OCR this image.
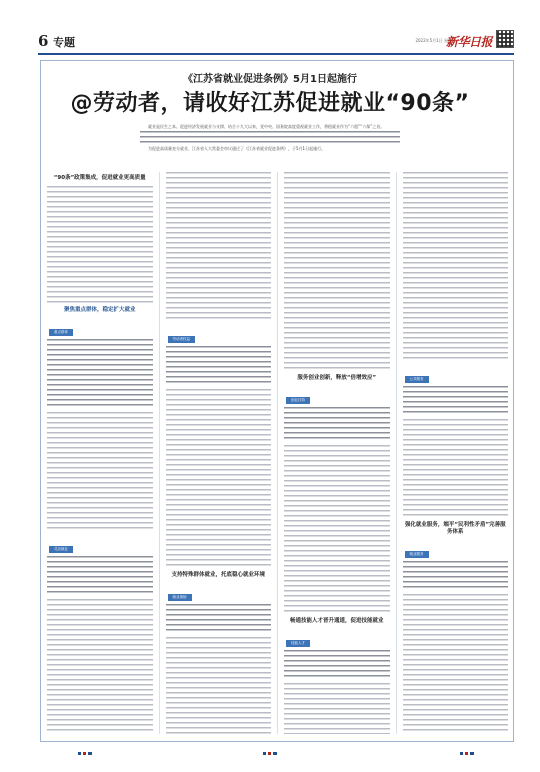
6 专题	2022年5月1日 星期日
新华日报
《江苏省就业促进条例》5月1日起施行
@劳动者，请收好江苏促进就业“90条”

就业是民生之本。促进经济发展就业与支撑、结合十九大以来，党中央、国务院高度重视就业工作，将稳就业作为“六稳”“六保”之首。

为促进高质量充分就业，江苏省人大常委会审议通过了《江苏省就业促进条例》，于5月1日起施行。

“90条”政策集成，促进就业更高质量
聚焦重点群体，稳定扩大就业
重点群体
灵活就业
劳动者权益
支持特殊群体就业，托底稳心就业环境
就业援助
服务创业创新，释放“倍增效应”
创业扶持
畅通技能人才晋升通道，促进技能就业
技能人才
公共服务
强化就业服务，端平“民利性矛盾”完善服务体系
就业服务
